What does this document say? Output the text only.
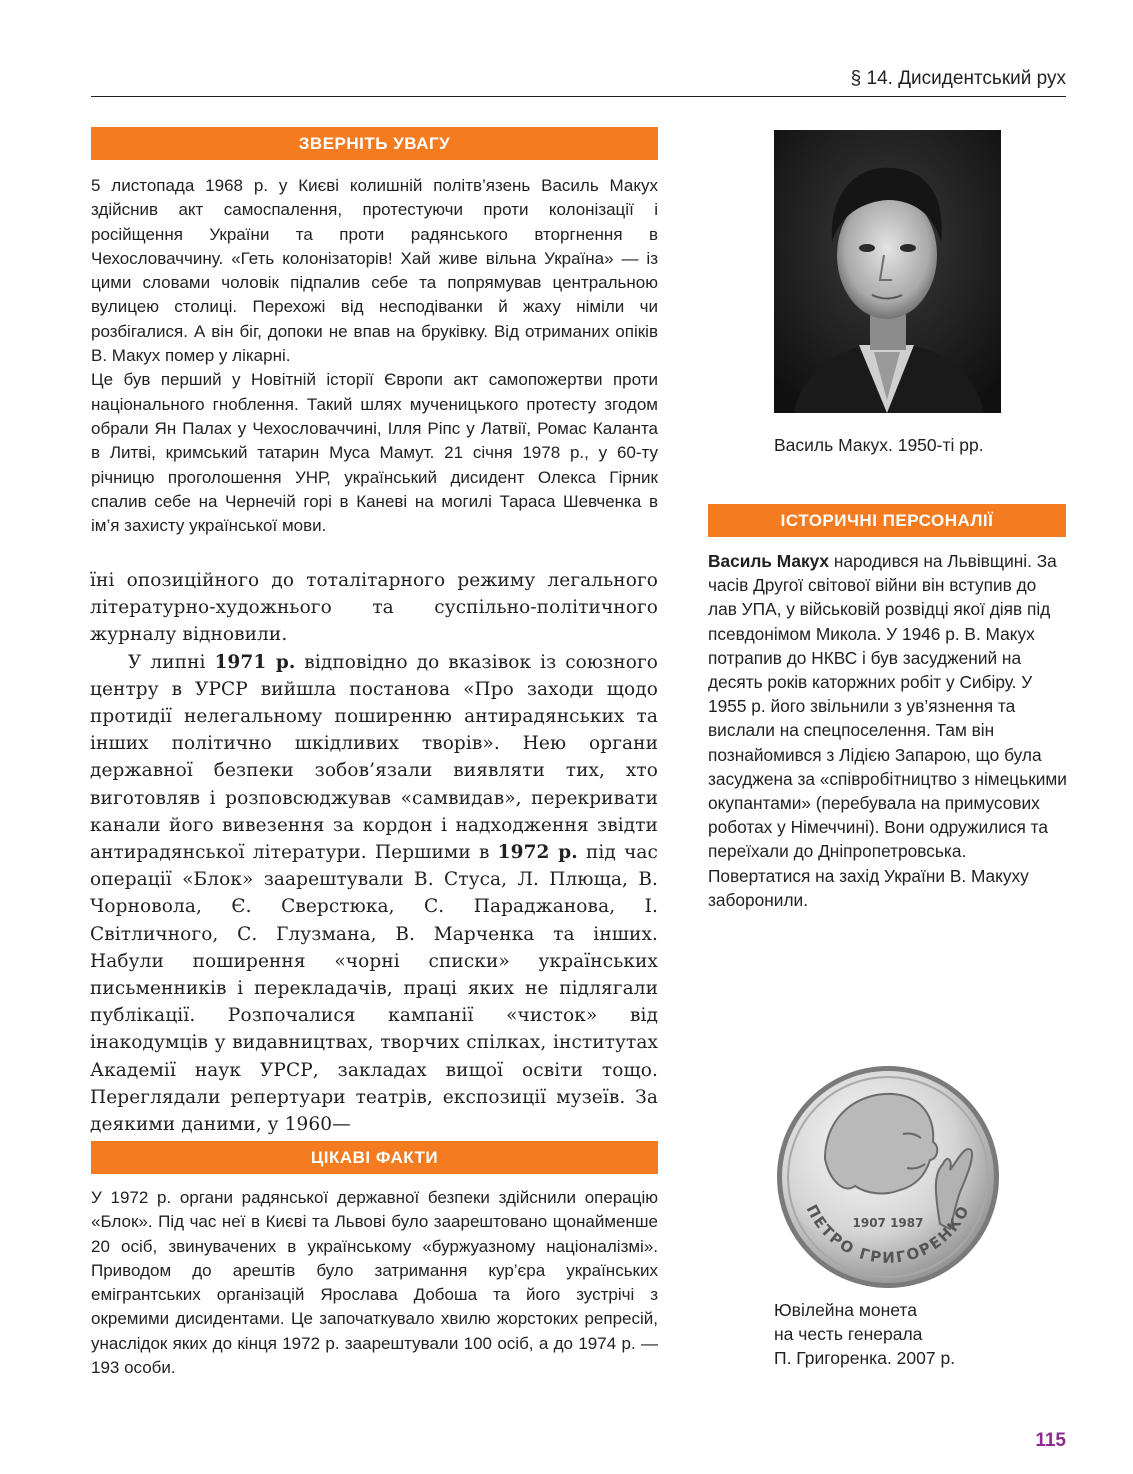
§ 14. Дисидентський рух
ЗВЕРНІТЬ УВАГУ

5 листопада 1968 р. у Києві колишній політв’язень Василь Макух здійснив акт самоспалення, протестуючи проти колонізації і російщення України та проти радянського вторгнення в Чехословаччину. «Геть колонізаторів! Хай живе вільна Україна» — із цими словами чоловік підпалив себе та попрямував центральною вулицею столиці. Перехожі від несподіванки й жаху німіли чи розбігалися. А він біг, допоки не впав на бруківку. Від отриманих опіків В. Макух помер у лікарні.

Це був перший у Новітній історії Європи акт самопожертви проти національного гноблення. Такий шлях мученицького протесту згодом обрали Ян Палах у Чехословаччині, Ілля Ріпс у Латвії, Ромас Каланта в Литві, кримський татарин Муса Мамут. 21 січня 1978 р., у 60-ту річницю проголошення УНР, український дисидент Олекса Гірник спалив себе на Чернечій горі в Каневі на могилі Тараса Шевченка в ім’я захисту української мови.

їні опозиційного до тоталітарного режиму легального літературно-художнього та суспільно-політичного журналу відновили.

У липні 1971 р. відповідно до вказівок із союзного центру в УРСР вийшла постанова «Про заходи щодо протидії нелегальному поширенню антирадянських та інших політично шкідливих творів». Нею органи державної безпеки зобов’язали виявляти тих, хто виготовляв і розповсюджував «самвидав», перекривати канали його вивезення за кордон і надходження звідти антирадянської літератури. Першими в 1972 р. під час операції «Блок» заарештували В. Стуса, Л. Плюща, В. Чорновола, Є. Сверстюка, С. Параджанова, І. Світличного, С. Глузмана, В. Марченка та інших. Набули поширення «чорні списки» українських письменників і перекладачів, праці яких не підлягали публікації. Розпочалися кампанії «чисток» від інакодумців у видавництвах, творчих спілках, інститутах Академії наук УРСР, закладах вищої освіти тощо. Переглядали репертуари театрів, експозиції музеїв. За деякими даними, у 1960—

ЦІКАВІ ФАКТИ

У 1972 р. органи радянської державної безпеки здійснили операцію «Блок». Під час неї в Києві та Львові було заарештовано щонайменше 20 осіб, звинувачених в українському «буржуазному націоналізмі». Приводом до арештів було затримання кур’єра українських емігрантських організацій Ярослава Добоша та його зустрічі з окремими дисидентами. Це започаткувало хвилю жорстоких репресій, унаслідок яких до кінця 1972 р. заарештували 100 осіб, а до 1974 р. — 193 особи.

Василь Макух. 1950-ті рр.
ІСТОРИЧНІ ПЕРСОНАЛІЇ

Василь Макух народився на Львівщині. За часів Другої світової війни він вступив до лав УПА, у військовій розвідці якої діяв під псевдонімом Микола. У 1946 р. В. Макух потрапив до НКВС і був засуджений на десять років каторжних робіт у Сибіру. У 1955 р. його звільнили з ув’язнення та вислали на спецпоселення. Там він познайомився з Лідією Запарою, що була засуджена за «співробітництво з німецькими окупантами» (перебувала на примусових роботах у Німеччині). Вони одружилися та переїхали до Дніпропетровська. Повертатися на захід України В. Макуху заборонили.

ПЕТРО ГРИГОРЕНКО
1907 1987
Ювілейна монета
на честь генерала
П. Григоренка. 2007 р.
115
